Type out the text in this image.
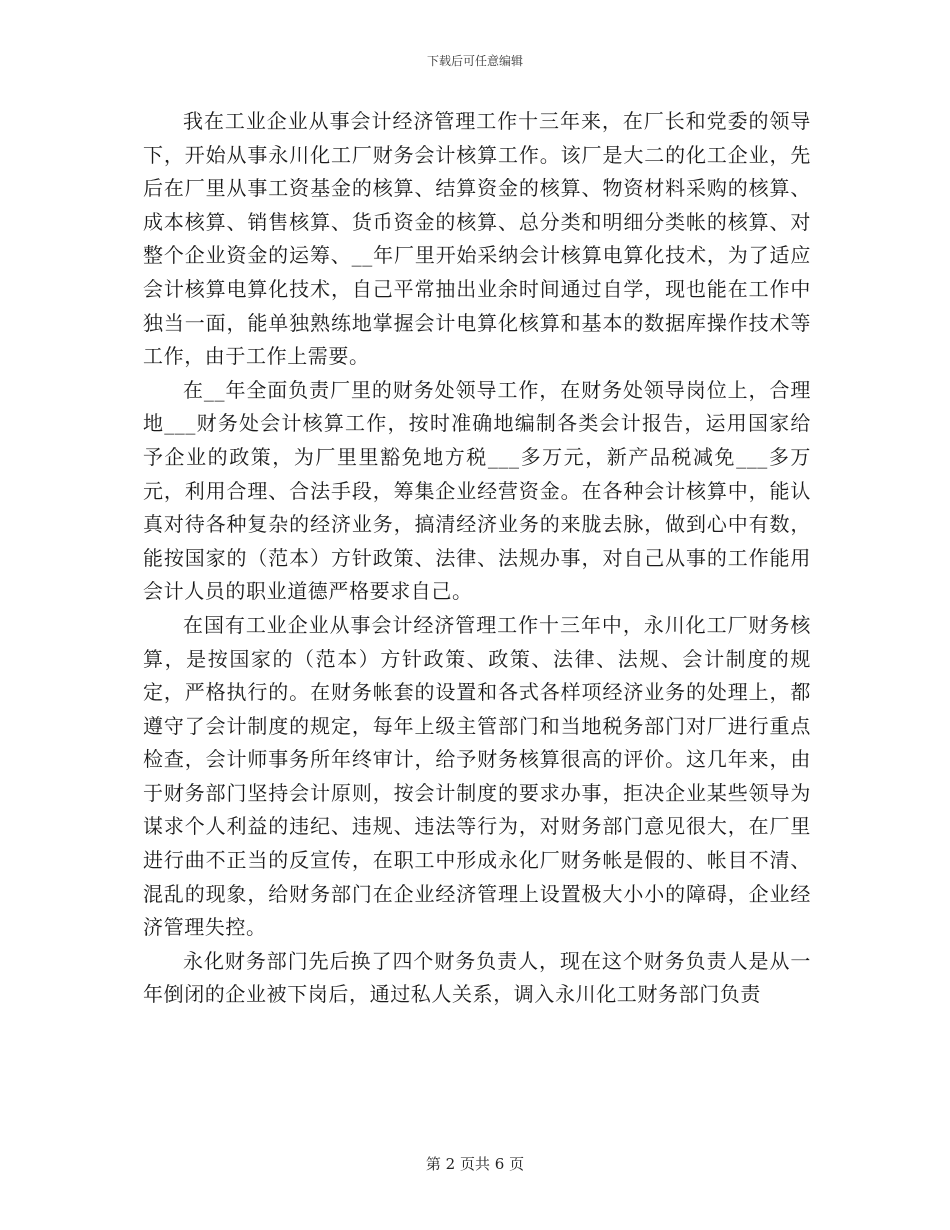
下载后可任意编辑

我在工业企业从事会计经济管理工作十三年来，在厂长和党委的领导下，开始从事永川化工厂财务会计核算工作。该厂是大二的化工企业，先后在厂里从事工资基金的核算、结算资金的核算、物资材料采购的核算、成本核算、销售核算、货币资金的核算、总分类和明细分类帐的核算、对整个企业资金的运筹、__年厂里开始采纳会计核算电算化技术，为了适应会计核算电算化技术，自己平常抽出业余时间通过自学，现也能在工作中独当一面，能单独熟练地掌握会计电算化核算和基本的数据库操作技术等工作，由于工作上需要。

在__年全面负责厂里的财务处领导工作，在财务处领导岗位上，合理地___财务处会计核算工作，按时准确地编制各类会计报告，运用国家给予企业的政策，为厂里里豁免地方税___多万元，新产品税减免___多万元，利用合理、合法手段，筹集企业经营资金。在各种会计核算中，能认真对待各种复杂的经济业务，搞清经济业务的来胧去脉，做到心中有数，能按国家的（范本）方针政策、法律、法规办事，对自己从事的工作能用会计人员的职业道德严格要求自己。

在国有工业企业从事会计经济管理工作十三年中，永川化工厂财务核算，是按国家的（范本）方针政策、政策、法律、法规、会计制度的规定，严格执行的。在财务帐套的设置和各式各样项经济业务的处理上，都遵守了会计制度的规定，每年上级主管部门和当地税务部门对厂进行重点检查，会计师事务所年终审计，给予财务核算很高的评价。这几年来，由于财务部门坚持会计原则，按会计制度的要求办事，拒决企业某些领导为谋求个人利益的违纪、违规、违法等行为，对财务部门意见很大，在厂里进行曲不正当的反宣传，在职工中形成永化厂财务帐是假的、帐目不清、混乱的现象，给财务部门在企业经济管理上设置极大小小的障碍，企业经济管理失控。

永化财务部门先后换了四个财务负责人，现在这个财务负责人是从一年倒闭的企业被下岗后，通过私人关系，调入永川化工财务部门负责

第 2 页共 6 页
